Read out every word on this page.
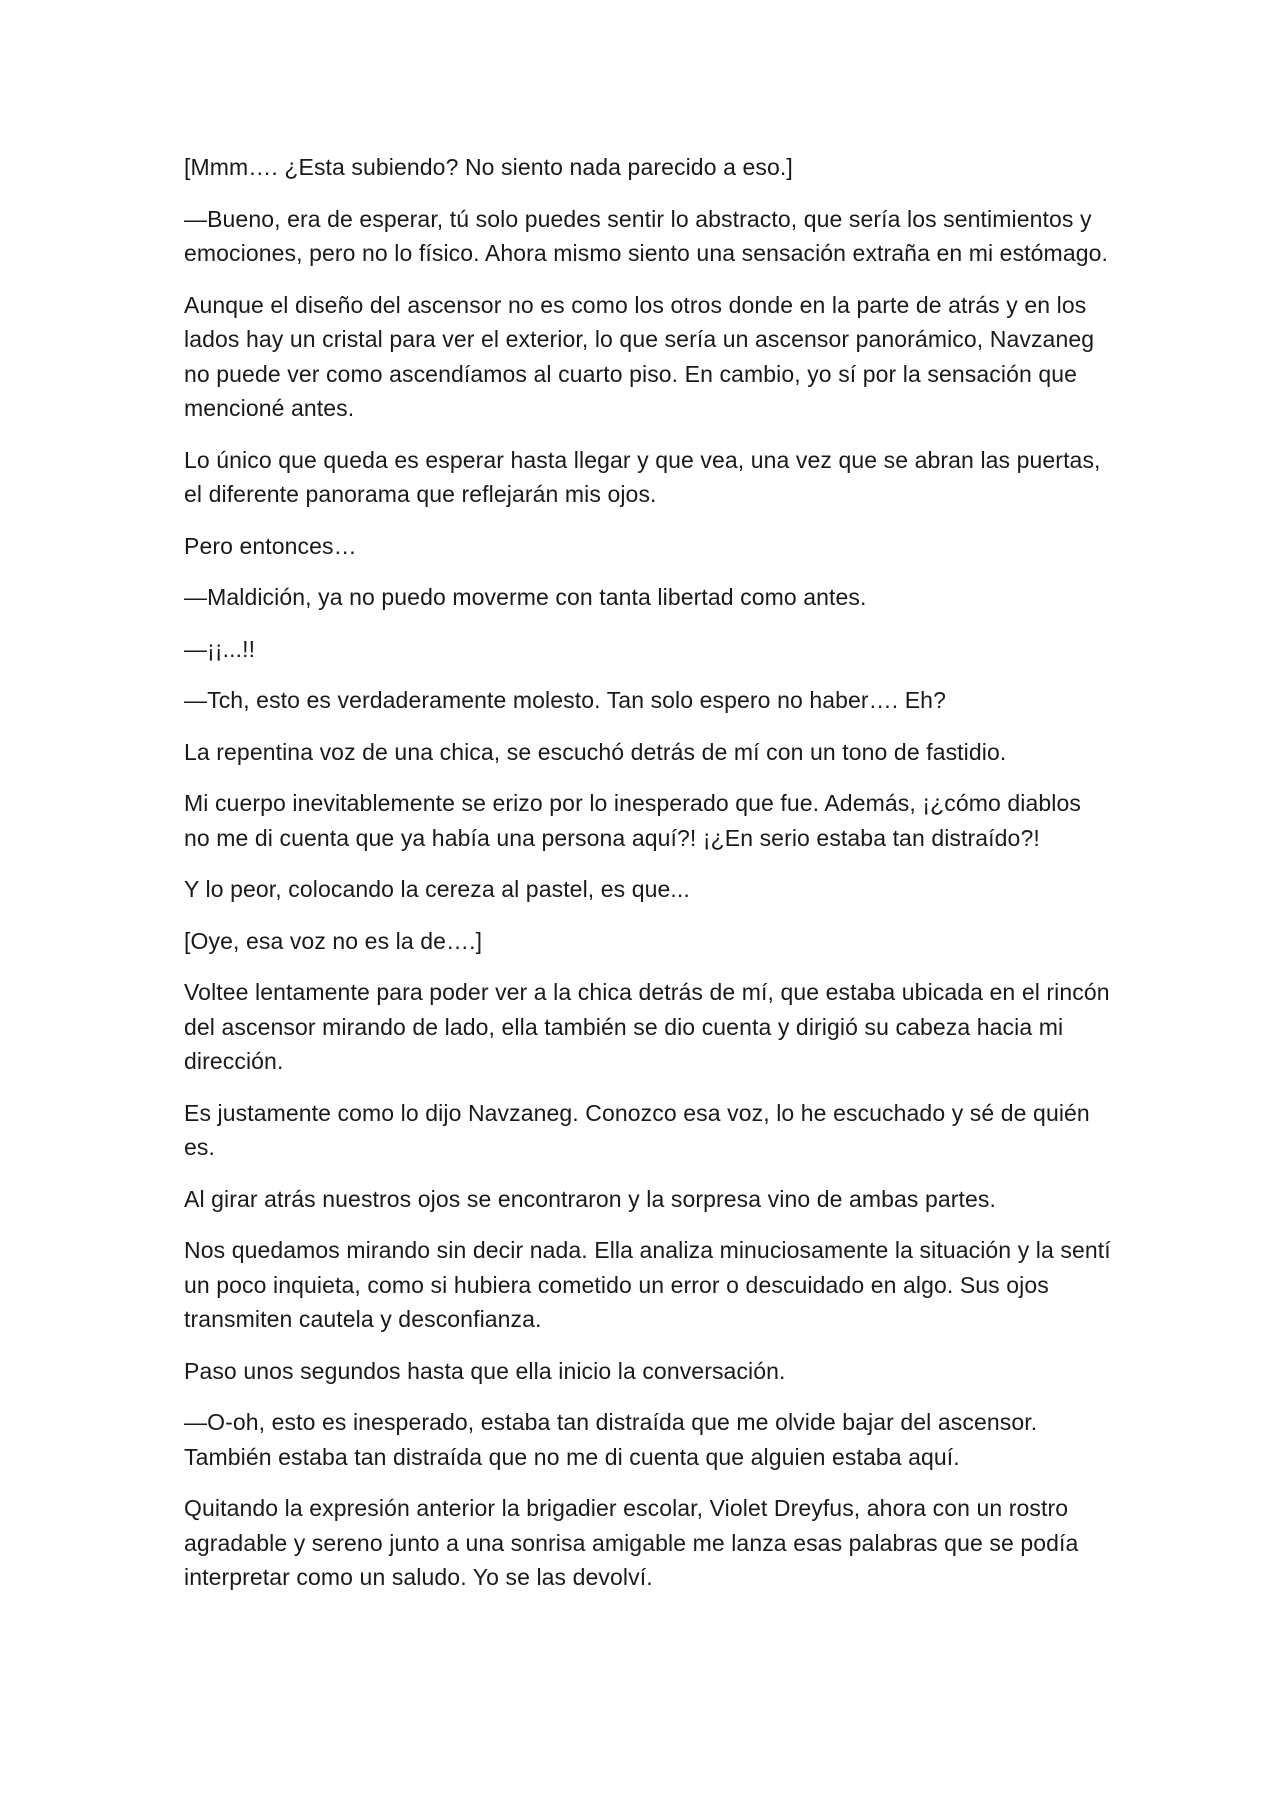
[Mmm…. ¿Esta subiendo? No siento nada parecido a eso.]

—Bueno, era de esperar, tú solo puedes sentir lo abstracto, que sería los sentimientos y emociones, pero no lo físico. Ahora mismo siento una sensación extraña en mi estómago.

Aunque el diseño del ascensor no es como los otros donde en la parte de atrás y en los lados hay un cristal para ver el exterior, lo que sería un ascensor panorámico, Navzaneg no puede ver como ascendíamos al cuarto piso. En cambio, yo sí por la sensación que mencioné antes.

Lo único que queda es esperar hasta llegar y que vea, una vez que se abran las puertas, el diferente panorama que reflejarán mis ojos.

Pero entonces…

—Maldición, ya no puedo moverme con tanta libertad como antes.

—¡¡...!!

—Tch, esto es verdaderamente molesto. Tan solo espero no haber…. Eh?

La repentina voz de una chica, se escuchó detrás de mí con un tono de fastidio.

Mi cuerpo inevitablemente se erizo por lo inesperado que fue. Además, ¡¿cómo diablos no me di cuenta que ya había una persona aquí?! ¡¿En serio estaba tan distraído?!

Y lo peor, colocando la cereza al pastel, es que...

[Oye, esa voz no es la de….]

Voltee lentamente para poder ver a la chica detrás de mí, que estaba ubicada en el rincón del ascensor mirando de lado, ella también se dio cuenta y dirigió su cabeza hacia mi dirección.

Es justamente como lo dijo Navzaneg. Conozco esa voz, lo he escuchado y sé de quién es.

Al girar atrás nuestros ojos se encontraron y la sorpresa vino de ambas partes.

Nos quedamos mirando sin decir nada. Ella analiza minuciosamente la situación y la sentí un poco inquieta, como si hubiera cometido un error o descuidado en algo. Sus ojos transmiten cautela y desconfianza.

Paso unos segundos hasta que ella inicio la conversación.

—O-oh, esto es inesperado, estaba tan distraída que me olvide bajar del ascensor. También estaba tan distraída que no me di cuenta que alguien estaba aquí.

Quitando la expresión anterior la brigadier escolar, Violet Dreyfus, ahora con un rostro agradable y sereno junto a una sonrisa amigable me lanza esas palabras que se podía interpretar como un saludo. Yo se las devolví.
